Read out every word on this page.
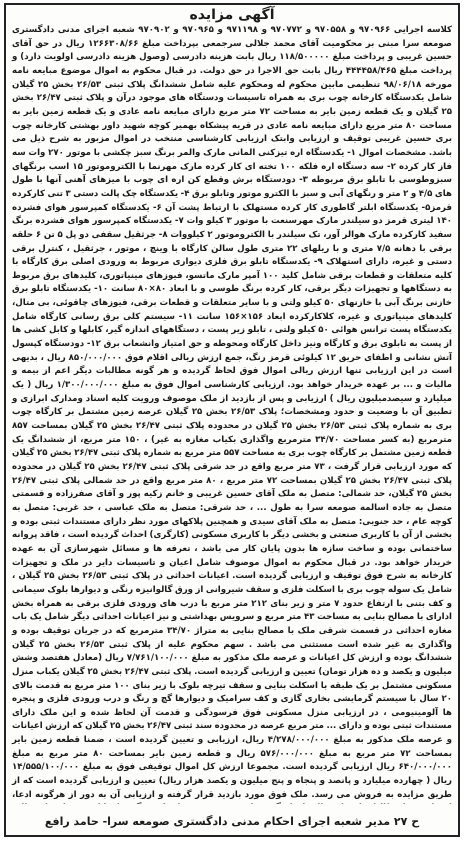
آگهی مزایده
کلاسه اجرایی ۹۷۰۹۶۶ و ۹۷۰۵۵۸ و ۹۷۰۷۷۲ و ۹۷۱۱۹۸ و ۹۷۰۹۶۵ و ۹۷۰۹۰۲ شعبه اجرای مدنی دادگستری صومعه سرا مبنی بر محکومیت آقای محمد جلالی سرجمعی بپرداخت مبلغ ۱۲۶۶۳۰۸/۶۶ ریال در حق آقای حسین غریبی و پرداخت مبلغ ۱۱۸/۵۰۰۰۰۰ ریال بابت هزینه دادرسی (وصول هزینه دادرسی اولویت دارد) و پرداخت مبلغ ۴۴۴۴۵۸/۴۶۵ ریال بابت حق الاجرا در حق دولت. در قبال محکوم به اموال موضوع مبایعه نامه مورخه ۹۸/۰۶/۱۸ تنظیمی مابین محکوم له ومحکوم علیه شامل ششدانگ پلاک ثبتی ۲۶/۵۳ بخش ۲۵ گیلان شامل یکدستگاه کارخانه چوب بری به همراه تاسیسات ودستگاه های موجود درآن و پلاک ثبتی ۲۶/۴۷ بخش ۲۵ گیلان و یک قطعه زمین بایر به مساحت ۷۲ متر مربع دارای مبایعه نامه عادی و یک قطعه زمین بایر به مساحت ۸۰ متر مربع دارای مبایعه نامه عادی در قریه پیشکاه بهمیر کوچه شهید داور بهشتی کارخانه چوب بری حسین غریبی توقیف و ارزیابی وابتک ارزیابی کارشناسی منتخب در اموال مزبور به شرح ذیل می باشد. مشخصات اموال ۱- یکدستگاه اره تیزکنی المانی مارک والمر برنگ سبز چکشی با موتور ۲۷۰ وات سه فاز کار کرده ۲- سه دستگاه اره فلکه ۱۰۰ تخته ای کار کرده مارک مهرنما با الکتروموتور ۱۵ اسب برنگهای سبزوطوسی با تابلو برق مربوطه ۳- دودستگاه برش وقطع کن اره ای چوب با میزهای آهنی آنها با طول های ۴/۵ و ۲ متر و رنگهای آبی و سبز با الکترو موتور وتابلو برق ۴- یکدستگاه چک پالت دستی ۳ تنی کارکرده قرمز۵- یکدستگاه ابلتر گاطوری کار کرده مستهلک با ارتباط پشت آن ۶- یکدستگاه کمپرسور هوای فشرده ۱۴۰ لیتری قرمز دو سیلندر مارک مهرسنعت با موتور ۳ کیلو وات ۷- یکدستگاه کمپرسور هوای فشرده برنگ سفید کارکرده مارک هوالر آور، تک سیلندر با الکتروموتور ۲ کیلووات ۸- جرثقیل سقفی دو پل ۵ تن ۶ حلقه برقی با دهانه ۷/۵ متری و با ریلهای ۲۲ متری طول سالن کارگاه با وینچ ، موتور ، جرثقیل ، کنترل برقی دستی و غیره، دارای استهلاک ۹- یکدستگاه تابلو برق فلزی دیواری مربوط به ورودی اصلی برق کارگاه با کلیه متعلقات و قطعات برقی شامل کلید ۱۰۰ آمپر مارک ماتسو، فیوزهای مینیاتوری، کلیدهای برق مربوط به دستگاهها و تجهیزات دیگر برقی، کار کرده برنگ طوسی و با ابعاد ۸۰×۸۰ سانت ۱۰- یکدستگاه تابلو برق خازنی برنگ آبی با خازنهای ۵۰ کیلو ولتی و با سایر متعلقات و قطعات برقی، فیوزهای چاقوئی، بی متال، کلیدهای مینیاتوری و غیره، کلاکارکرده ابعاد ۱۵۶×۱۵۶ سانت ۱۱- سیستم کلی برق رسانی کارگاه شامل یکدستگاه پست ترانس هوائی ۵۰ کیلو ولتی ، تابلو زیر پست ، دستگاههای اندازه گیر، کابلها و کابل کشی ها از پست به تابلوی برق و کارگاه ونیز داخل کارگاه ومحوطه و حق امتیاز وانشعاب برق ۱۲- دودستگاه کپسول آتش نشانی و اطفای حریق ۱۲ کیلوئی قرمز رنگ، جمع ارزش ریالی اقلام فوق ۸۵۰/۰۰۰/۰۰۰ ریال ، بدیهی است در این ارزیابی تنها ارزش ریالی اموال فوق لحاظ گردیده و هر گونه مطالبات دیگر اعم از بیمه و مالیات و ... بر عهده خریدار خواهد بود. ارزیابی کارشناسی اموال فوق به مبلغ ۱/۳۰۰/۰۰۰/۰۰۰ ریال ( یک میلیارد و سیصدمیلیون ریال ) ارزیابی و پس از بازدید از ملک موصوف ورویت کلیه اسناد ومدارک ابرازی و تطبیق آن با وضعیت و حدود ومشخصات؛ پلاک ۲۶/۵۳ بخش ۲۵ گیلان عرصه زمین مشتمل بر کارگاه چوب بری به شماره پلاک ثبتی ۲۶/۵۳ بخش ۲۵ گیلان در محدوده پلاک ثبتی ۲۶/۴۷ بخش ۲۵ گیلان بمساحت ۸۵۷ مترمربع (به کسر مساحت ۳۴/۷۰ مترمربع واگذاری بکیاب مغازه به غیر) ، ۱۵۰ متر مربع، از ششدانگ یک قطعه زمین مشتمل بر کارگاه چوب بری به مساحت ۵۵۷ متر مربع به شماره پلاک ثبتی ۲۶/۴۷ بخش ۲۵ گیلان که مورد ارزیابی قرار گرفت ، ۷۳ متر مربع واقع در حد شرقی پلاک ثبتی ۲۶/۴۷ بخش ۲۵ گیلان در محدوده پلاک ثبتی ۲۶/۴۷ بخش ۲۵ گیلان بمساحت ۷۲ متر مربع ، ۸۰ متر مربع واقع در حد شمالی پلاک ثبتی ۲۶/۴۷ بخش ۲۵ گیلان، حد شمالی: متصل به ملک آقای حسین غریبی و خانم زکیه پور و آقای صفرزاده و قسمتی متصل به جاده اسالمه صومعه سرا به طول ... ، حد شرقی: متصل به ملک عباسی ، حد غربی: متصل به کوچه عام ، حد جنوبی: متصل به ملک آقای سیدی و همچنین پلاکهای مورد نظر دارای مستندات ثبتی بوده و بخشی از آن با کاربری صنعتی و بخشی دیگر با کاربری مسکونی (کارگری) احداث گردیده است ، فاقد پروانه ساختمانی بوده و ساخت سازه ها بدون پایان کار می باشد ، تعرفه ها و مسائل شهرسازی آن به عهده خریدار خواهد بود. در قبال محکوم به اموال موصوف شامل اعیان و تاسیسات دایر در ملک و تجهیزات کارخانه به شرح فوق توقیف و ارزیابی گردیده است. اعیانات احداثی در پلاک ثبتی ۲۶/۵۳ بخش ۲۵ گیلان ، شامل یک سوله چوب بری با اسکلت فلزی و سقف شیروانی از ورق گالوانیزه رنگی و دیوارها بلوک سیمانی و کف بتنی با ارتفاع حدود ۷ متر و زیر بنای ۲۱۲ متر مربع با درب های ورودی فلزی برقی به همراه بخش ادارای با مصالح بنایی به مساحت ۴۳ متر مربع و سرویس بهداشتی و نیز اعیانات احداثی دیگر شامل یک باب مغازه احداثی در قسمت شرقی ملک با مصالح بنایی به متراژ ۳۴/۷۰ مترمربع که در جریان توقیف بوده و واگذاری به غیر شده است مستثنی می باشد . سهم محکوم علیه از پلاک ثبتی ۲۶/۵۳ بخش ۲۵ گیلان ششدانگ بوده و ارزش کل اعیانات و عرصه ملک مذکور به مبلغ ۷/۷۶۱/۱۰۰/۰۰۰ ریال (معادل هفتصد وشش میلیون و یکصد و ده هزار تومان) تعیین و ارزیابی گردیده است. پلاک ثبتی ۲۶/۴۷ بخش ۲۵ گیلان یکباب منزل مسکونی مشتمل بر یک طبقه با اسکلت بنایی و سقف تیرچه بلوک با زیر بنای ۱۰۰ متر مربع به قدمت بالای ۲۰ سال با سیستم گرمایشی بخاری گازی و کف سرامیک و دیوارها گچ و رنگ و درب ورودی فلزی و پنجره ها آلومینیومی ، در ارزیابی منزل مسکونی فوق فرسودگی و قدمت آن لحاظ شده و این ملک دارای مستندات ثبتی بوده و دارای ... متر مربع عرصه در محدوده سند ثبتی ۲۶/۴۷ بخش ۲۵ گیلان که ارزش اعیانات و عرصه ملک مذکور به مبلغ ۴/۲۷۸/۰۰۰/۰۰۰ ریال، ارزیابی و تعیین گردیده است ، ضمنا قطعه زمین بایر بمساحت ۷۲ متر مربع به مبلغ ۵۷۶/۰۰۰/۰۰۰ ریال و قطعه زمین بایر بمساحت ۸۰ متر مربع به مبلغ ۶۴۰/۰۰۰/۰۰۰ ریال ارزیابی گردیده است. مجموعا ارزش کل اموال توقیفی فوق به مبلغ ۱۴/۵۵۵/۱۰۰/۰۰۰ ریال ( چهارده میلیارد و پانصد و پنجاه و پنج میلیون و یکصد هزار ریال) تعیین و ارزیابی گردیده است که از طریق مزایده به فروش می رسد. ملک فوق مورد بازدید قرار گرفته و ارزیابی آن به دور از هرگونه ادعا،
ح ۲۷ مدیر شعبه اجرای احکام مدنی دادگستری صومعه سرا- حامد رافع
